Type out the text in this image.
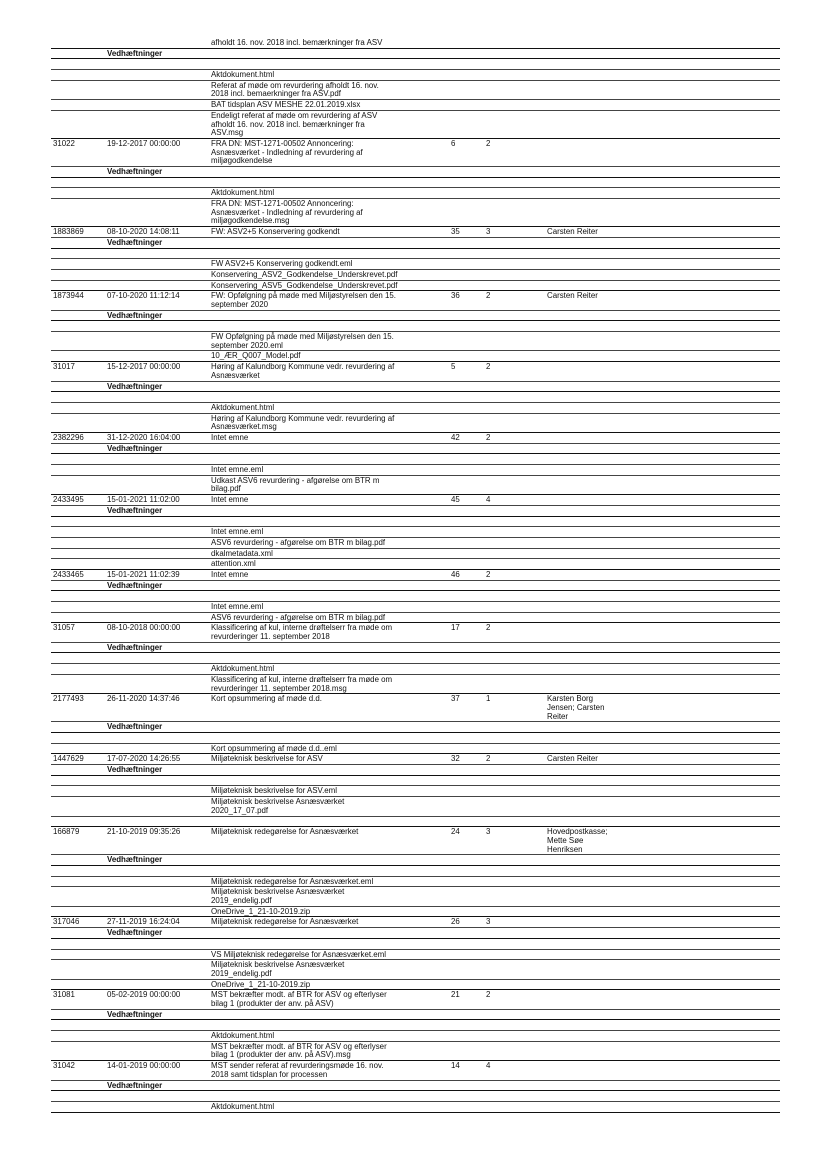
afholdt 16. nov. 2018 incl. bemærkninger fra ASV
Vedhæftninger
Aktdokument.html
Referat af møde om revurdering afholdt 16. nov.
2018 incl. bemaerkninger fra ASV.pdf
BAT tidsplan ASV MESHE 22.01.2019.xlsx
Endeligt referat af møde om revurdering af ASV
afholdt 16. nov. 2018 incl. bemærkninger fra
ASV.msg
31022	19-12-2017 00:00:00	FRA DN: MST-1271-00502 Annoncering:
Asnæsværket - Indledning af revurdering af
miljøgodkendelse
6	2
Vedhæftninger
Aktdokument.html
FRA DN: MST-1271-00502 Annoncering:
Asnæsværket - Indledning af revurdering af
miljøgodkendelse.msg
1883869	08-10-2020 14:08:11	FW: ASV2+5 Konservering godkendt	35	3	Carsten Reiter
Vedhæftninger
FW ASV2+5 Konservering godkendt.eml
Konservering_ASV2_Godkendelse_Underskrevet.pdf
Konservering_ASV5_Godkendelse_Underskrevet.pdf
1873944	07-10-2020 11:12:14	FW: Opfølgning på møde med Miljøstyrelsen den 15.
september 2020
36	2	Carsten Reiter
Vedhæftninger
FW Opfølgning på møde med Miljøstyrelsen den 15.
september 2020.eml
10_ÆR_Q007_Model.pdf
31017	15-12-2017 00:00:00	Høring af Kalundborg Kommune vedr. revurdering af
Asnæsværket
5	2
Vedhæftninger
Aktdokument.html
Høring af Kalundborg Kommune vedr. revurdering af
Asnæsværket.msg
2382296	31-12-2020 16:04:00	Intet emne	42	2
Vedhæftninger
Intet emne.eml
Udkast ASV6 revurdering - afgørelse om BTR m
bilag.pdf
2433495	15-01-2021 11:02:00	Intet emne	45	4
Vedhæftninger
Intet emne.eml
ASV6 revurdering - afgørelse om BTR m bilag.pdf
dkalmetadata.xml
attention.xml
2433465	15-01-2021 11:02:39	Intet emne	46	2
Vedhæftninger
Intet emne.eml
ASV6 revurdering - afgørelse om BTR m bilag.pdf
31057	08-10-2018 00:00:00	Klassificering af kul, interne drøftelserr fra møde om
revurderinger 11. september 2018
17	2
Vedhæftninger
Aktdokument.html
Klassificering af kul, interne drøftelserr fra møde om
revurderinger 11. september 2018.msg
2177493	26-11-2020 14:37:46	Kort opsummering af møde d.d.	37	1	Karsten Borg
Jensen; Carsten
Reiter
Vedhæftninger
Kort opsummering af møde d.d..eml
1447629	17-07-2020 14:26:55	Miljøteknisk beskrivelse for ASV	32	2	Carsten Reiter
Vedhæftninger
Miljøteknisk beskrivelse for ASV.eml
Miljøteknisk beskrivelse Asnæsværket
2020_17_07.pdf
166879	21-10-2019 09:35:26	Miljøteknisk redegørelse for Asnæsværket	24	3	Hovedpostkasse;
Mette Søe
Henriksen
Vedhæftninger
Miljøteknisk redegørelse for Asnæsværket.eml
Miljøteknisk beskrivelse Asnæsværket
2019_endelig.pdf
OneDrive_1_21-10-2019.zip
317046	27-11-2019 16:24:04	Miljøteknisk redegørelse for Asnæsværket	26	3
Vedhæftninger
VS Miljøteknisk redegørelse for Asnæsværket.eml
Miljøteknisk beskrivelse Asnæsværket
2019_endelig.pdf
OneDrive_1_21-10-2019.zip
31081	05-02-2019 00:00:00	MST bekræfter modt. af BTR for ASV og efterlyser
bilag 1 (produkter der anv. på ASV)
21	2
Vedhæftninger
Aktdokument.html
MST bekræfter modt. af BTR for ASV og efterlyser
bilag 1 (produkter der anv. på ASV).msg
31042	14-01-2019 00:00:00	MST sender referat af revurderingsmøde 16. nov.
2018 samt tidsplan for processen
14	4
Vedhæftninger
Aktdokument.html
